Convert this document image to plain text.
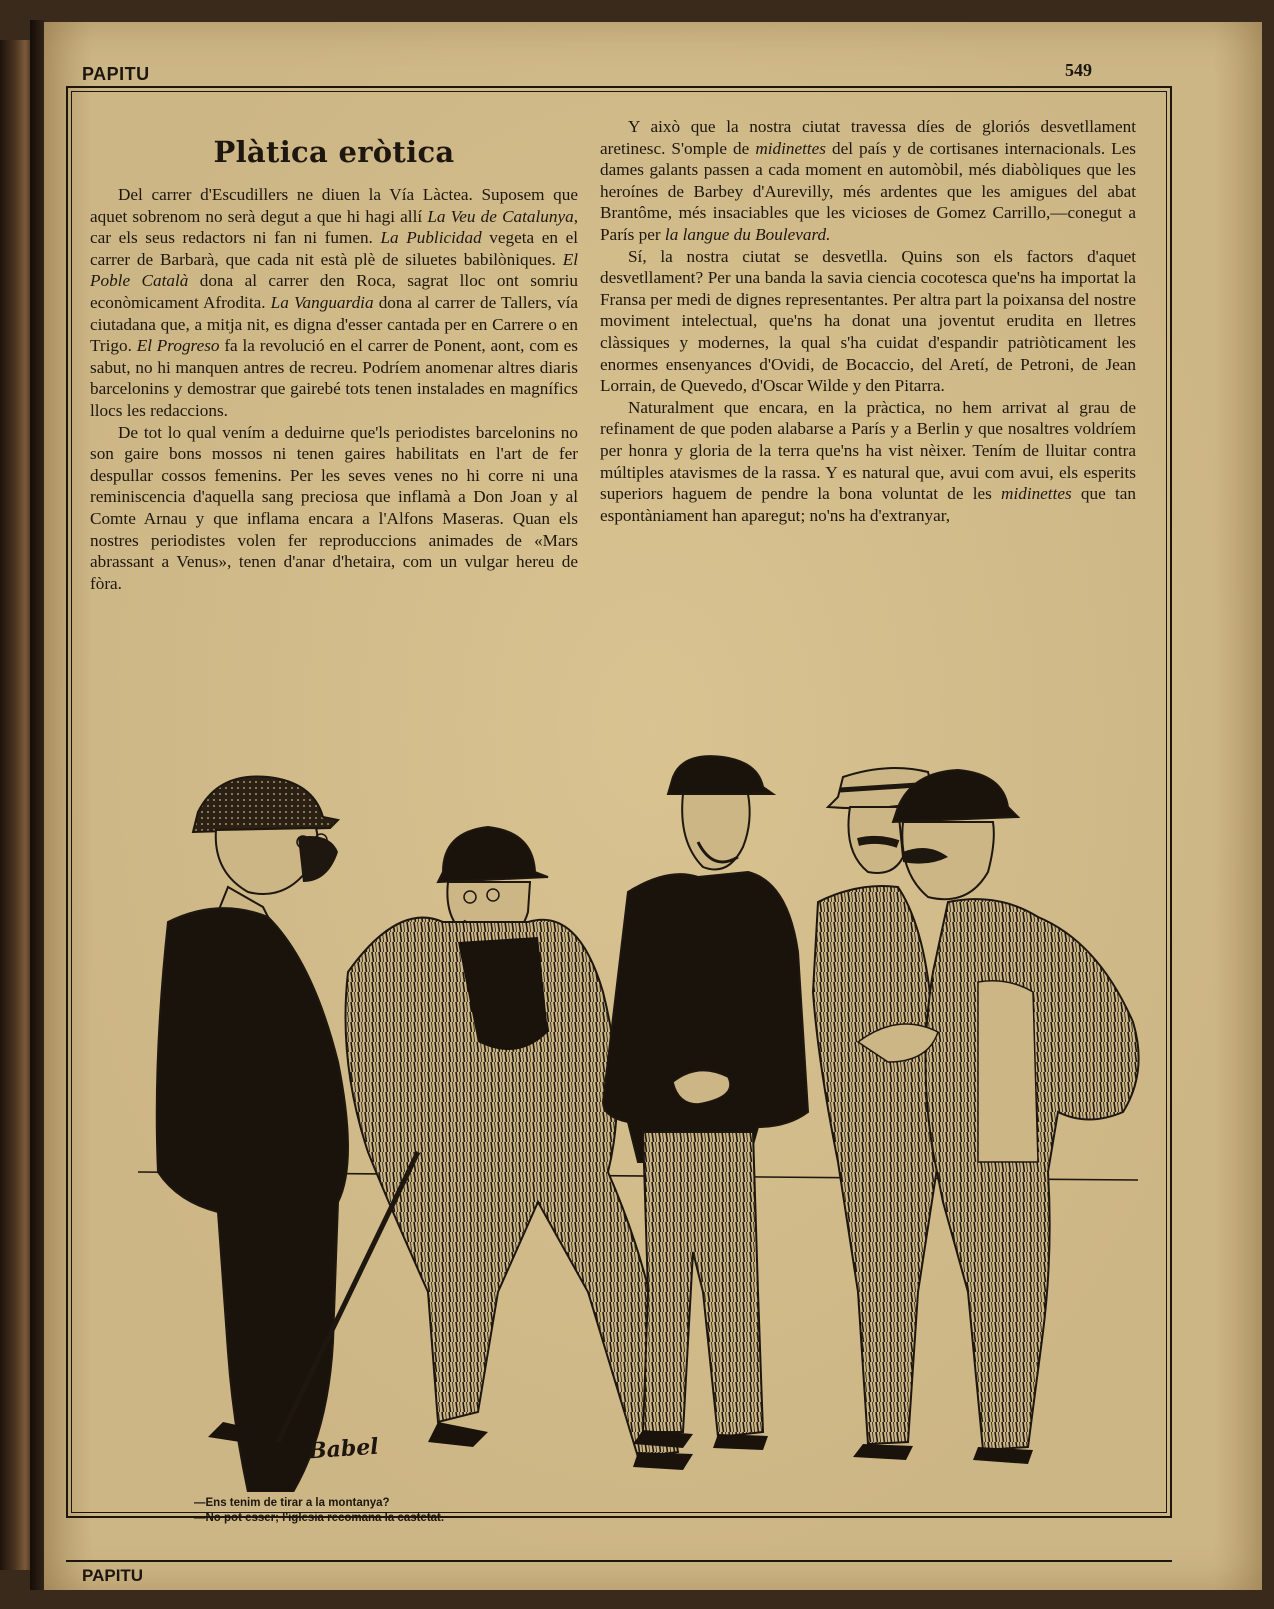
PAPITU	549
Plàtica eròtica

Del carrer d'Escudillers ne diuen la Vía Làctea. Suposem que aquet sobrenom no serà degut a que hi hagi allí La Veu de Catalunya, car els seus redactors ni fan ni fumen. La Publicidad vegeta en el carrer de Barbarà, que cada nit està plè de siluetes babilòniques. El Poble Català dona al carrer den Roca, sagrat lloc ont somriu econòmicament Afrodita. La Vanguardia dona al carrer de Tallers, vía ciutadana que, a mitja nit, es digna d'esser cantada per en Carrere o en Trigo. El Progreso fa la revolució en el carrer de Ponent, aont, com es sabut, no hi manquen antres de recreu. Podríem anomenar altres diaris barcelonins y demostrar que gairebé tots tenen instalades en magnífics llocs les redaccions.

De tot lo qual vením a deduirne que'ls periodistes barcelonins no son gaire bons mossos ni tenen gaires habilitats en l'art de fer despullar cossos femenins. Per les seves venes no hi corre ni una reminiscencia d'aquella sang preciosa que inflamà a Don Joan y al Comte Arnau y que inflama encara a l'Alfons Maseras. Quan els nostres periodistes volen fer reproduccions animades de «Mars abrassant a Venus», tenen d'anar d'hetaira, com un vulgar hereu de fòra.

Y això que la nostra ciutat travessa díes de gloriós desvetllament aretinesc. S'omple de midinettes del país y de cortisanes internacionals. Les dames galants passen a cada moment en automòbil, més diabòliques que les heroínes de Barbey d'Aurevilly, més ardentes que les amigues del abat Brantôme, més insaciables que les vicioses de Gomez Carrillo,—conegut a París per la langue du Boulevard.

Sí, la nostra ciutat se desvetlla. Quins son els factors d'aquet desvetllament? Per una banda la savia ciencia cocotesca que'ns ha importat la Fransa per medi de dignes representantes. Per altra part la poixansa del nostre moviment intelectual, que'ns ha donat una joventut erudita en lletres clàssiques y modernes, la qual s'ha cuidat d'espandir patriòticament les enormes ensenyances d'Ovidi, de Bocaccio, del Aretí, de Petroni, de Jean Lorrain, de Quevedo, d'Oscar Wilde y den Pitarra.

Naturalment que encara, en la pràctica, no hem arrivat al grau de refinament de que poden alabarse a París y a Berlin y que nosaltres voldríem per honra y gloria de la terra que'ns ha vist nèixer. Tením de lluitar contra múltiples atavismes de la rassa. Y es natural que, avui com avui, els esperits superiors haguem de pendre la bona voluntat de les midinettes que tan espontàniament han aparegut; no'ns ha d'extranyar,

Babel
—Ens tenim de tirar a la montanya?
—No pot esser; l'iglesia recomana la castetat.
PAPITU
